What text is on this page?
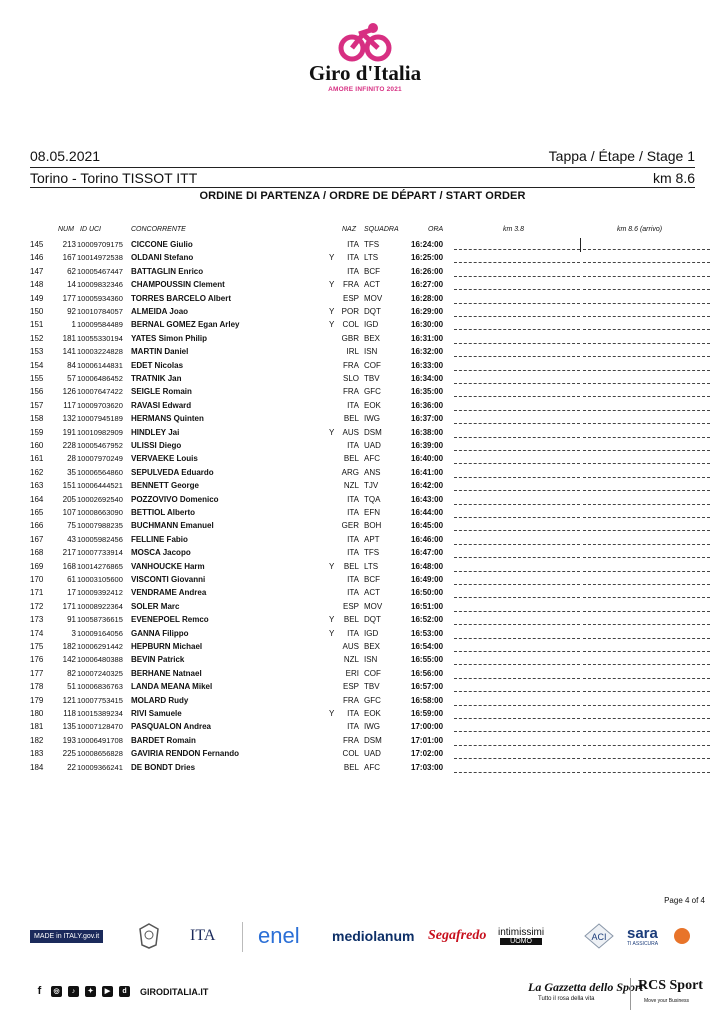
Giro d'Italia
AMORE INFINITO 2021
08.05.2021	Tappa / Étape / Stage 1
Torino - Torino TISSOT ITT	km 8.6
ORDINE DI PARTENZA / ORDRE DE DÉPART / START ORDER
NUM ID UCI	CONCORRENTE	NAZ SQUADRA	ORA	km 3.8	km 8.6 (arrivo)
145	213 10009709175 CICCONE Giulio	ITA TFS	16:24:00
146	167 10014972538 OLDANI Stefano	Y	ITA LTS	16:25:00
147	62 10005467447 BATTAGLIN Enrico	ITA BCF	16:26:00
148	14 10009832346 CHAMPOUSSIN Clement	Y	FRA ACT	16:27:00
149	177 10005934360 TORRES BARCELO Albert	ESP MOV	16:28:00
150	92 10010784057 ALMEIDA Joao	Y POR DQT	16:29:00
151	1 10009584489 BERNAL GOMEZ Egan Arley	Y	COL IGD	16:30:00
152	181 10055330194 YATES Simon Philip	GBR BEX	16:31:00
153	141 10003224828 MARTIN Daniel	IRL ISN	16:32:00
154	84 10006144831 EDET Nicolas	FRA COF	16:33:00
155	57 10006486452 TRATNIK Jan	SLO TBV	16:34:00
156	126 10007647422 SEIGLE Romain	FRA GFC	16:35:00
157	117 10009703620 RAVASI Edward	ITA EOK	16:36:00
158	132 10007945189 HERMANS Quinten	BEL IWG	16:37:00
159	191 10010982909 HINDLEY Jai	Y	AUS DSM	16:38:00
160	228 10005467952 ULISSI Diego	ITA UAD	16:39:00
161	28 10007970249 VERVAEKE Louis	BEL AFC	16:40:00
162	35 10006564860 SEPULVEDA Eduardo	ARG ANS	16:41:00
163	151 10006444521 BENNETT George	NZL TJV	16:42:00
164	205 10002692540 POZZOVIVO Domenico	ITA TQA	16:43:00
165	107 10008663090 BETTIOL Alberto	ITA EFN	16:44:00
166	75 10007988235 BUCHMANN Emanuel	GER BOH	16:45:00
167	43 10005982456 FELLINE Fabio	ITA APT	16:46:00
168	217 10007733914 MOSCA Jacopo	ITA TFS	16:47:00
169	168 10014276865 VANHOUCKE Harm	Y	BEL LTS	16:48:00
170	61 10003105600 VISCONTI Giovanni	ITA BCF	16:49:00
171	17 10009392412 VENDRAME Andrea	ITA ACT	16:50:00
172	171 10008922364 SOLER Marc	ESP MOV	16:51:00
173	91 10058736615 EVENEPOEL Remco	Y	BEL DQT	16:52:00
174	3 10009164056 GANNA Filippo	Y	ITA IGD	16:53:00
175	182 10006291442 HEPBURN Michael	AUS BEX	16:54:00
176	142 10006480388 BEVIN Patrick	NZL ISN	16:55:00
177	82 10007240325 BERHANE Natnael	ERI COF	16:56:00
178	51 10006836763 LANDA MEANA Mikel	ESP TBV	16:57:00
179	121 10007753415 MOLARD Rudy	FRA GFC	16:58:00
180	118 10015389234 RIVI Samuele	Y	ITA EOK	16:59:00
181	135 10007128470 PASQUALON Andrea	ITA IWG	17:00:00
182	193 10006491708 BARDET Romain	FRA DSM	17:01:00
183	225 10008656828 GAVIRIA RENDON Fernando	COL UAD	17:02:00
184	22 10009366241 DE BONDT Dries	BEL AFC	17:03:00
Page 4 of 4
MADE in ITALY.gov.it	ITA enel mediolanum Segafredo intimissimi
UOMO	ACI sara
TI ASSICURA
f	◎	♪	✦	▶	d	GIRODITALIA.IT	La Gazzetta dello Sport
Tutto il rosa della vita
RCS Sport
Move your Business
